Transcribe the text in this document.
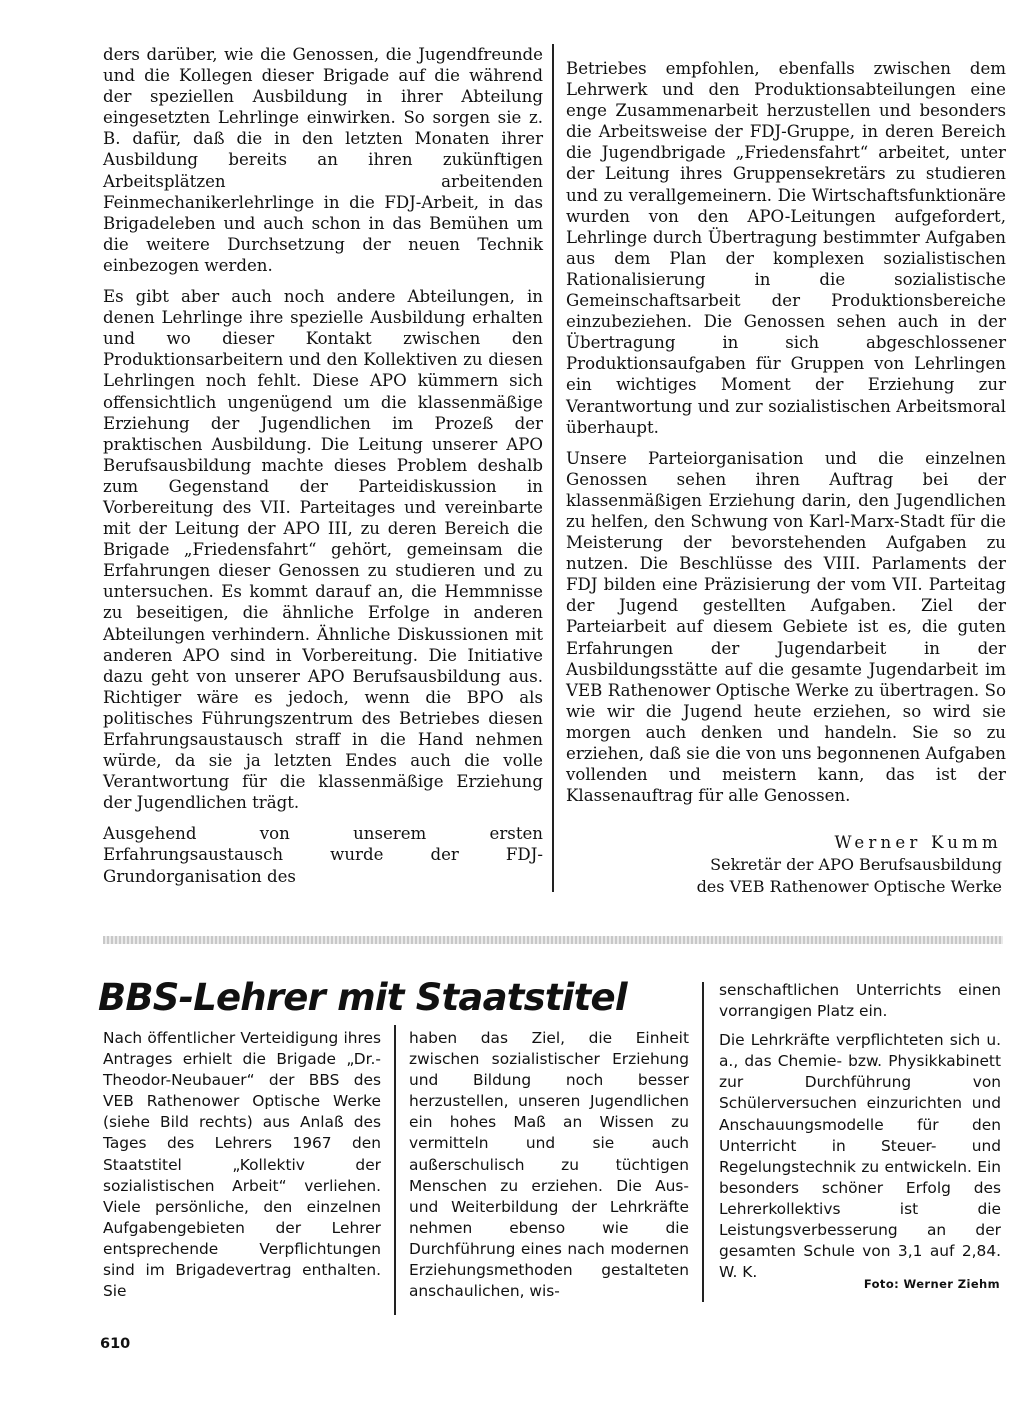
ders darüber, wie die Genossen, die Jugendfreunde und die Kollegen dieser Brigade auf die während der speziellen Ausbildung in ihrer Abteilung eingesetzten Lehrlinge einwirken. So sorgen sie z. B. dafür, daß die in den letzten Monaten ihrer Ausbildung bereits an ihren zukünftigen Arbeitsplätzen arbeitenden Feinmechanikerlehrlinge in die FDJ-Arbeit, in das Brigadeleben und auch schon in das Bemühen um die weitere Durchsetzung der neuen Technik einbezogen werden.

Es gibt aber auch noch andere Abteilungen, in denen Lehrlinge ihre spezielle Ausbildung erhalten und wo dieser Kontakt zwischen den Produktionsarbeitern und den Kollektiven zu diesen Lehrlingen noch fehlt. Diese APO kümmern sich offensichtlich ungenügend um die klassenmäßige Erziehung der Jugendlichen im Prozeß der praktischen Ausbildung. Die Leitung unserer APO Berufsausbildung machte dieses Problem deshalb zum Gegenstand der Parteidiskussion in Vorbereitung des VII. Parteitages und vereinbarte mit der Leitung der APO III, zu deren Bereich die Brigade „Friedensfahrt“ gehört, gemeinsam die Erfahrungen dieser Genossen zu studieren und zu untersuchen. Es kommt darauf an, die Hemmnisse zu beseitigen, die ähnliche Erfolge in anderen Abteilungen verhindern. Ähnliche Diskussionen mit anderen APO sind in Vorbereitung. Die Initiative dazu geht von unserer APO Berufsausbildung aus. Richtiger wäre es jedoch, wenn die BPO als politisches Führungszentrum des Betriebes diesen Erfahrungsaustausch straff in die Hand nehmen würde, da sie ja letzten Endes auch die volle Verantwortung für die klassenmäßige Erziehung der Jugendlichen trägt.

Ausgehend von unserem ersten Erfahrungsaustausch wurde der FDJ-Grundorganisation des

Betriebes empfohlen, ebenfalls zwischen dem Lehrwerk und den Produktionsabteilungen eine enge Zusammenarbeit herzustellen und besonders die Arbeitsweise der FDJ-Gruppe, in deren Bereich die Jugendbrigade „Friedensfahrt“ arbeitet, unter der Leitung ihres Gruppensekretärs zu studieren und zu verallgemeinern. Die Wirtschaftsfunktionäre wurden von den APO-Leitungen aufgefordert, Lehrlinge durch Übertragung bestimmter Aufgaben aus dem Plan der komplexen sozialistischen Rationalisierung in die sozialistische Gemeinschaftsarbeit der Produktionsbereiche einzubeziehen. Die Genossen sehen auch in der Übertragung in sich abgeschlossener Produktionsaufgaben für Gruppen von Lehrlingen ein wichtiges Moment der Erziehung zur Verantwortung und zur sozialistischen Arbeitsmoral überhaupt.

Unsere Parteiorganisation und die einzelnen Genossen sehen ihren Auftrag bei der klassenmäßigen Erziehung darin, den Jugendlichen zu helfen, den Schwung von Karl-Marx-Stadt für die Meisterung der bevorstehenden Aufgaben zu nutzen. Die Beschlüsse des VIII. Parlaments der FDJ bilden eine Präzisierung der vom VII. Parteitag der Jugend gestellten Aufgaben. Ziel der Parteiarbeit auf diesem Gebiete ist es, die guten Erfahrungen der Jugendarbeit in der Ausbildungsstätte auf die gesamte Jugendarbeit im VEB Rathenower Optische Werke zu übertragen. So wie wir die Jugend heute erziehen, so wird sie morgen auch denken und handeln. Sie so zu erziehen, daß sie die von uns begonnenen Aufgaben vollenden und meistern kann, das ist der Klassenauftrag für alle Genossen.

Werner Kumm
Sekretär der APO Berufsausbildung
des VEB Rathenower Optische Werke
BBS-Lehrer mit Staatstitel

Nach öffentlicher Verteidigung ihres Antrages erhielt die Brigade „Dr.-Theodor-Neubauer“ der BBS des VEB Rathenower Optische Werke (siehe Bild rechts) aus Anlaß des Tages des Lehrers 1967 den Staatstitel „Kollektiv der sozialistischen Arbeit“ verliehen. Viele persönliche, den einzelnen Aufgabengebieten der Lehrer entsprechende Verpflichtungen sind im Brigadevertrag enthalten. Sie

haben das Ziel, die Einheit zwischen sozialistischer Erziehung und Bildung noch besser herzustellen, unseren Jugendlichen ein hohes Maß an Wissen zu vermitteln und sie auch außerschulisch zu tüchtigen Menschen zu erziehen. Die Aus- und Weiterbildung der Lehrkräfte nehmen ebenso wie die Durchführung eines nach modernen Erziehungsmethoden gestalteten anschaulichen, wis-

senschaftlichen Unterrichts einen vorrangigen Platz ein.

Die Lehrkräfte verpflichteten sich u. a., das Chemie- bzw. Physikkabinett zur Durchführung von Schülerversuchen einzurichten und Anschauungsmodelle für den Unterricht in Steuer- und Regelungstechnik zu entwickeln. Ein besonders schöner Erfolg des Lehrerkollektivs ist die Leistungsverbesserung an der gesamten Schule von 3,1 auf 2,84. W. K.

Foto: Werner Ziehm
610
